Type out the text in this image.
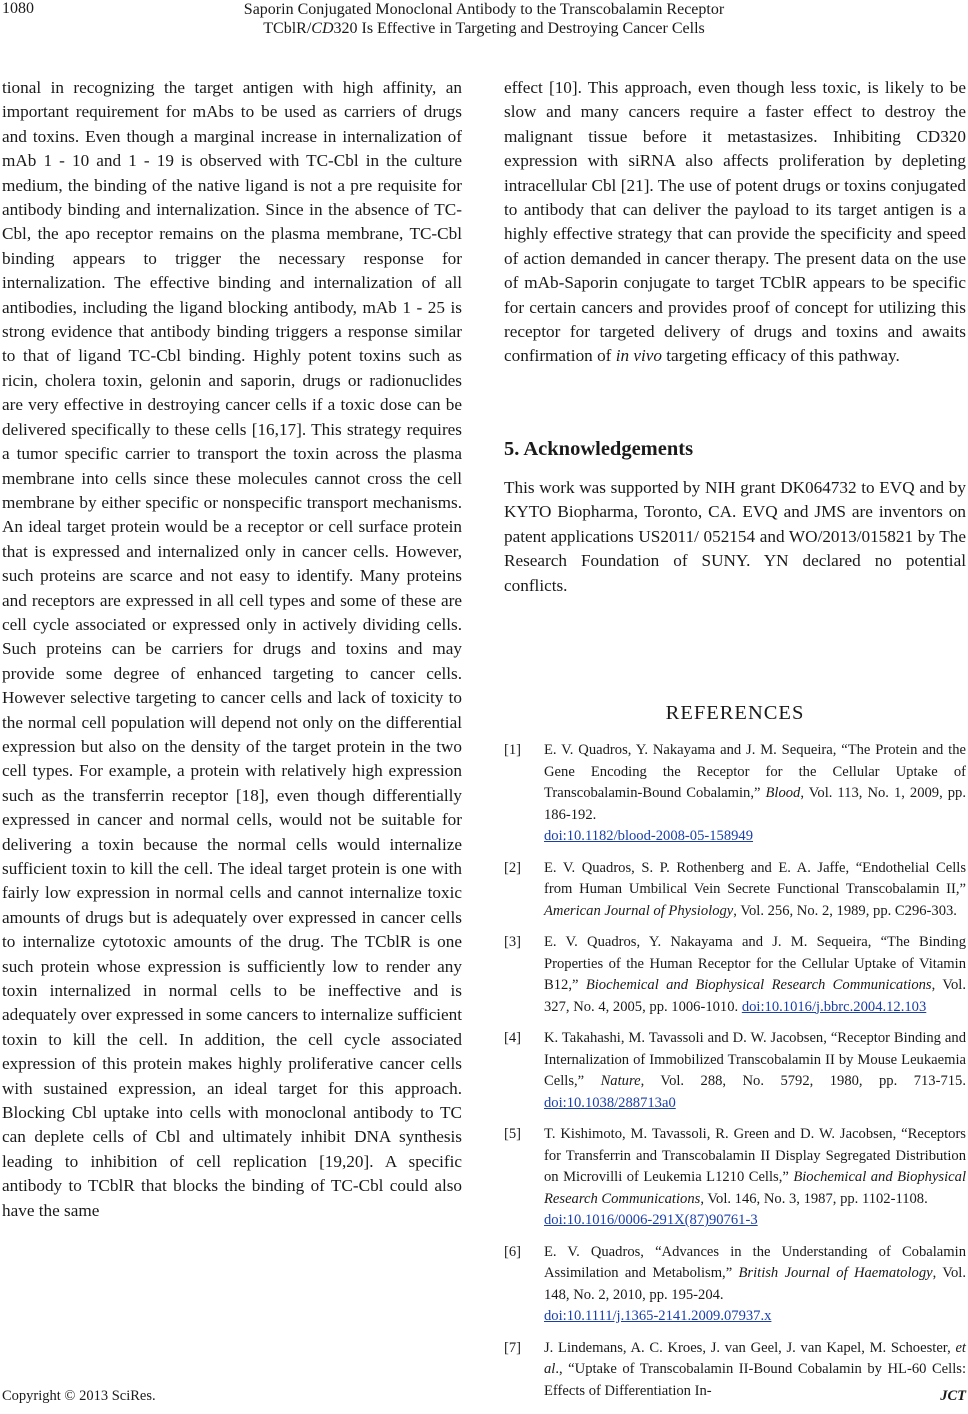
1080	Saporin Conjugated Monoclonal Antibody to the Transcobalamin Receptor
TCblR/CD320 Is Effective in Targeting and Destroying Cancer Cells
tional in recognizing the target antigen with high affinity, an important requirement for mAbs to be used as carriers of drugs and toxins. Even though a marginal increase in internalization of mAb 1 - 10 and 1 - 19 is observed with TC-Cbl in the culture medium, the binding of the native ligand is not a pre requisite for antibody binding and internalization. Since in the absence of TC-Cbl, the apo receptor remains on the plasma membrane, TC-Cbl binding appears to trigger the necessary response for internalization. The effective binding and internalization of all antibodies, including the ligand blocking antibody, mAb 1 - 25 is strong evidence that antibody binding triggers a response similar to that of ligand TC-Cbl binding. Highly potent toxins such as ricin, cholera toxin, gelonin and saporin, drugs or radionuclides are very effective in destroying cancer cells if a toxic dose can be delivered specifically to these cells [16,17]. This strategy requires a tumor specific carrier to transport the toxin across the plasma membrane into cells since these molecules cannot cross the cell membrane by either specific or nonspecific transport mechanisms. An ideal target protein would be a receptor or cell surface protein that is expressed and internalized only in cancer cells. However, such proteins are scarce and not easy to identify. Many proteins and receptors are expressed in all cell types and some of these are cell cycle associated or expressed only in actively dividing cells. Such proteins can be carriers for drugs and toxins and may provide some degree of enhanced targeting to cancer cells. However selective targeting to cancer cells and lack of toxicity to the normal cell population will depend not only on the differential expression but also on the density of the target protein in the two cell types. For example, a protein with relatively high expression such as the transferrin receptor [18], even though differentially expressed in cancer and normal cells, would not be suitable for delivering a toxin because the normal cells would internalize sufficient toxin to kill the cell. The ideal target protein is one with fairly low expression in normal cells and cannot internalize toxic amounts of drugs but is adequately over expressed in cancer cells to internalize cytotoxic amounts of the drug. The TCblR is one such protein whose expression is sufficiently low to render any toxin internalized in normal cells to be ineffective and is adequately over expressed in some cancers to internalize sufficient toxin to kill the cell. In addition, the cell cycle associated expression of this protein makes highly proliferative cancer cells with sustained expression, an ideal target for this approach. Blocking Cbl uptake into cells with monoclonal antibody to TC can deplete cells of Cbl and ultimately inhibit DNA synthesis leading to inhibition of cell replication [19,20]. A specific antibody to TCblR that blocks the binding of TC-Cbl could also have the same

effect [10]. This approach, even though less toxic, is likely to be slow and many cancers require a faster effect to destroy the malignant tissue before it metastasizes. Inhibiting CD320 expression with siRNA also affects proliferation by depleting intracellular Cbl [21]. The use of potent drugs or toxins conjugated to antibody that can deliver the payload to its target antigen is a highly effective strategy that can provide the specificity and speed of action demanded in cancer therapy. The present data on the use of mAb-Saporin conjugate to target TCblR appears to be specific for certain cancers and provides proof of concept for utilizing this receptor for targeted delivery of drugs and toxins and awaits confirmation of in vivo targeting efficacy of this pathway.

5. Acknowledgements

This work was supported by NIH grant DK064732 to EVQ and by KYTO Biopharma, Toronto, CA. EVQ and JMS are inventors on patent applications US2011/ 052154 and WO/2013/015821 by The Research Foundation of SUNY. YN declared no potential conflicts.

REFERENCES
[1] E. V. Quadros, Y. Nakayama and J. M. Sequeira, “The Protein and the Gene Encoding the Receptor for the Cellular Uptake of Transcobalamin-Bound Cobalamin,” Blood, Vol. 113, No. 1, 2009, pp. 186-192.
doi:10.1182/blood-2008-05-158949
[2] E. V. Quadros, S. P. Rothenberg and E. A. Jaffe, “Endothelial Cells from Human Umbilical Vein Secrete Functional Transcobalamin II,” American Journal of Physiology, Vol. 256, No. 2, 1989, pp. C296-303.
[3] E. V. Quadros, Y. Nakayama and J. M. Sequeira, “The Binding Properties of the Human Receptor for the Cellular Uptake of Vitamin B12,” Biochemical and Biophysical Research Communications, Vol. 327, No. 4, 2005, pp. 1006-1010. doi:10.1016/j.bbrc.2004.12.103
[4] K. Takahashi, M. Tavassoli and D. W. Jacobsen, “Receptor Binding and Internalization of Immobilized Transcobalamin II by Mouse Leukaemia Cells,” Nature, Vol. 288, No. 5792, 1980, pp. 713-715. doi:10.1038/288713a0
[5] T. Kishimoto, M. Tavassoli, R. Green and D. W. Jacobsen, “Receptors for Transferrin and Transcobalamin II Display Segregated Distribution on Microvilli of Leukemia L1210 Cells,” Biochemical and Biophysical Research Communications, Vol. 146, No. 3, 1987, pp. 1102-1108.
doi:10.1016/0006-291X(87)90761-3
[6] E. V. Quadros, “Advances in the Understanding of Cobalamin Assimilation and Metabolism,” British Journal of Haematology, Vol. 148, No. 2, 2010, pp. 195-204.
doi:10.1111/j.1365-2141.2009.07937.x
[7] J. Lindemans, A. C. Kroes, J. van Geel, J. van Kapel, M. Schoester, et al., “Uptake of Transcobalamin II-Bound Cobalamin by HL-60 Cells: Effects of Differentiation In-
Copyright © 2013 SciRes.	JCT
